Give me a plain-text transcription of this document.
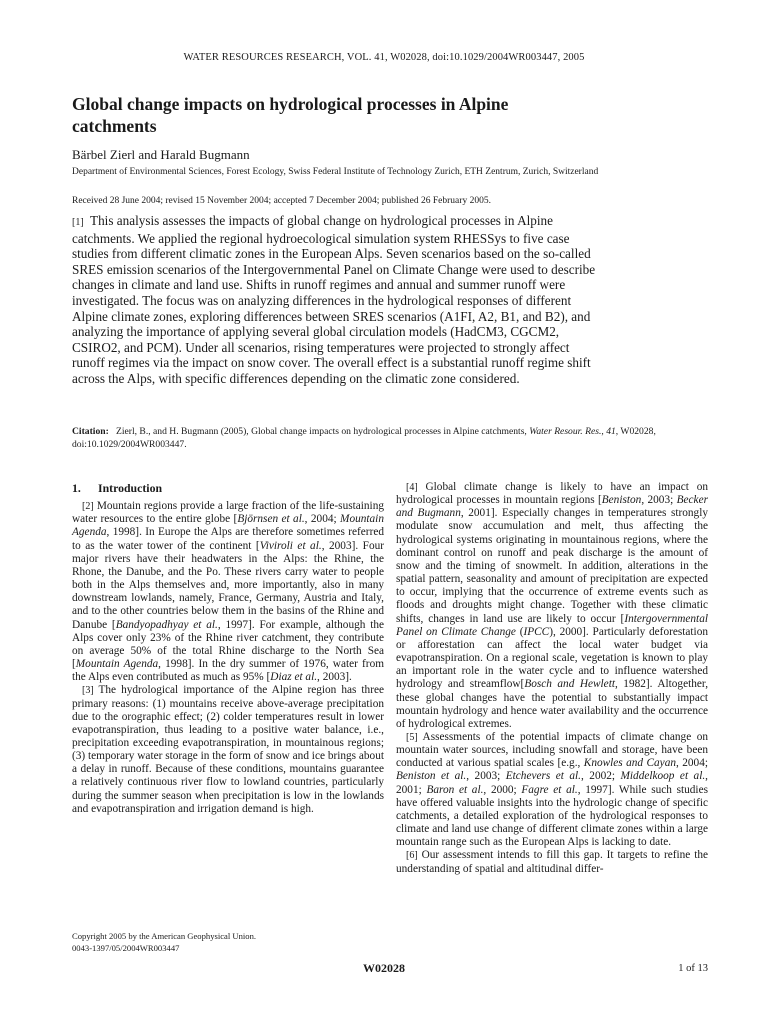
WATER RESOURCES RESEARCH, VOL. 41, W02028, doi:10.1029/2004WR003447, 2005
Global change impacts on hydrological processes in Alpine catchments
Bärbel Zierl and Harald Bugmann
Department of Environmental Sciences, Forest Ecology, Swiss Federal Institute of Technology Zurich, ETH Zentrum, Zurich, Switzerland
Received 28 June 2004; revised 15 November 2004; accepted 7 December 2004; published 26 February 2005.

[1] This analysis assesses the impacts of global change on hydrological processes in Alpine catchments. We applied the regional hydroecological simulation system RHESSys to five case studies from different climatic zones in the European Alps. Seven scenarios based on the so-called SRES emission scenarios of the Intergovernmental Panel on Climate Change were used to describe changes in climate and land use. Shifts in runoff regimes and annual and summer runoff were investigated. The focus was on analyzing differences in the hydrological responses of different Alpine climate zones, exploring differences between SRES scenarios (A1FI, A2, B1, and B2), and analyzing the importance of applying several global circulation models (HadCM3, CGCM2, CSIRO2, and PCM). Under all scenarios, rising temperatures were projected to strongly affect runoff regimes via the impact on snow cover. The overall effect is a substantial runoff regime shift across the Alps, with specific differences depending on the climatic zone considered.

Citation: Zierl, B., and H. Bugmann (2005), Global change impacts on hydrological processes in Alpine catchments, Water Resour. Res., 41, W02028, doi:10.1029/2004WR003447.

1. Introduction

[2] Mountain regions provide a large fraction of the life-sustaining water resources to the entire globe [Björnsen et al., 2004; Mountain Agenda, 1998]. In Europe the Alps are therefore sometimes referred to as the water tower of the continent [Viviroli et al., 2003]. Four major rivers have their headwaters in the Alps: the Rhine, the Rhone, the Danube, and the Po. These rivers carry water to people both in the Alps themselves and, more importantly, also in many downstream lowlands, namely, France, Germany, Austria and Italy, and to the other countries below them in the basins of the Rhine and Danube [Bandyopadhyay et al., 1997]. For example, although the Alps cover only 23% of the Rhine river catchment, they contribute on average 50% of the total Rhine discharge to the North Sea [Mountain Agenda, 1998]. In the dry summer of 1976, water from the Alps even contributed as much as 95% [Diaz et al., 2003].

[3] The hydrological importance of the Alpine region has three primary reasons: (1) mountains receive above-average precipitation due to the orographic effect; (2) colder temperatures result in lower evapotranspiration, thus leading to a positive water balance, i.e., precipitation exceeding evapotranspiration, in mountainous regions; (3) temporary water storage in the form of snow and ice brings about a delay in runoff. Because of these conditions, mountains guarantee a relatively continuous river flow to lowland countries, particularly during the summer season when precipitation is low in the lowlands and evapotranspiration and irrigation demand is high.

[4] Global climate change is likely to have an impact on hydrological processes in mountain regions [Beniston, 2003; Becker and Bugmann, 2001]. Especially changes in temperatures strongly modulate snow accumulation and melt, thus affecting the hydrological systems originating in mountainous regions, where the dominant control on runoff and peak discharge is the amount of snow and the timing of snowmelt. In addition, alterations in the spatial pattern, seasonality and amount of precipitation are expected to occur, implying that the occurrence of extreme events such as floods and droughts might change. Together with these climatic shifts, changes in land use are likely to occur [Intergovernmental Panel on Climate Change (IPCC), 2000]. Particularly deforestation or afforestation can affect the local water budget via evapotranspiration. On a regional scale, vegetation is known to play an important role in the water cycle and to influence watershed hydrology and streamflow[Bosch and Hewlett, 1982]. Altogether, these global changes have the potential to substantially impact mountain hydrology and hence water availability and the occurrence of hydrological extremes.

[5] Assessments of the potential impacts of climate change on mountain water sources, including snowfall and storage, have been conducted at various spatial scales [e.g., Knowles and Cayan, 2004; Beniston et al., 2003; Etchevers et al., 2002; Middelkoop et al., 2001; Baron et al., 2000; Fagre et al., 1997]. While such studies have offered valuable insights into the hydrologic change of specific catchments, a detailed exploration of the hydrological responses to climate and land use change of different climate zones within a large mountain range such as the European Alps is lacking to date.

[6] Our assessment intends to fill this gap. It targets to refine the understanding of spatial and altitudinal differ-

Copyright 2005 by the American Geophysical Union.
0043-1397/05/2004WR003447
W02028	1 of 13
